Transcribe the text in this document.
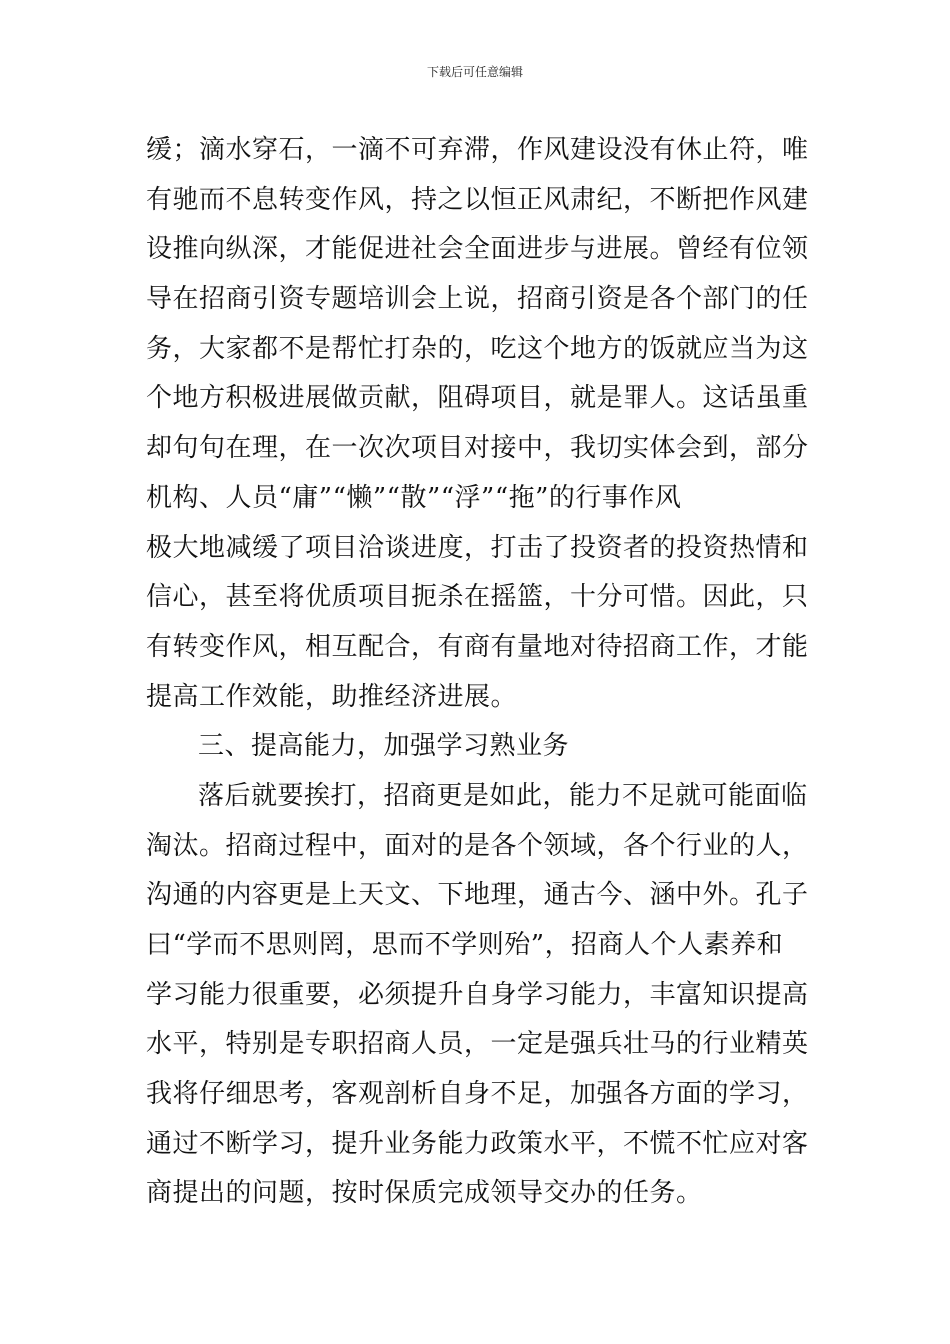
下载后可任意编辑
缓；滴水穿石，一滴不可弃滞，作风建设没有休止符，唯
有驰而不息转变作风，持之以恒正风肃纪，不断把作风建
设推向纵深，才能促进社会全面进步与进展。曾经有位领
导在招商引资专题培训会上说，招商引资是各个部门的任
务，大家都不是帮忙打杂的，吃这个地方的饭就应当为这
个地方积极进展做贡献，阻碍项目，就是罪人。这话虽重
却句句在理，在一次次项目对接中，我切实体会到，部分
机构、人员“庸”“懒”“散”“浮”“拖”的行事作风
极大地减缓了项目洽谈进度，打击了投资者的投资热情和
信心，甚至将优质项目扼杀在摇篮，十分可惜。因此，只
有转变作风，相互配合，有商有量地对待招商工作，才能
提高工作效能，助推经济进展。
三、提高能力，加强学习熟业务
落后就要挨打，招商更是如此，能力不足就可能面临
淘汰。招商过程中，面对的是各个领域，各个行业的人，
沟通的内容更是上天文、下地理，通古今、涵中外。孔子
曰“学而不思则罔，思而不学则殆”，招商人个人素养和
学习能力很重要，必须提升自身学习能力，丰富知识提高
水平，特别是专职招商人员，一定是强兵壮马的行业精英
我将仔细思考，客观剖析自身不足，加强各方面的学习，
通过不断学习，提升业务能力政策水平，不慌不忙应对客
商提出的问题，按时保质完成领导交办的任务。
